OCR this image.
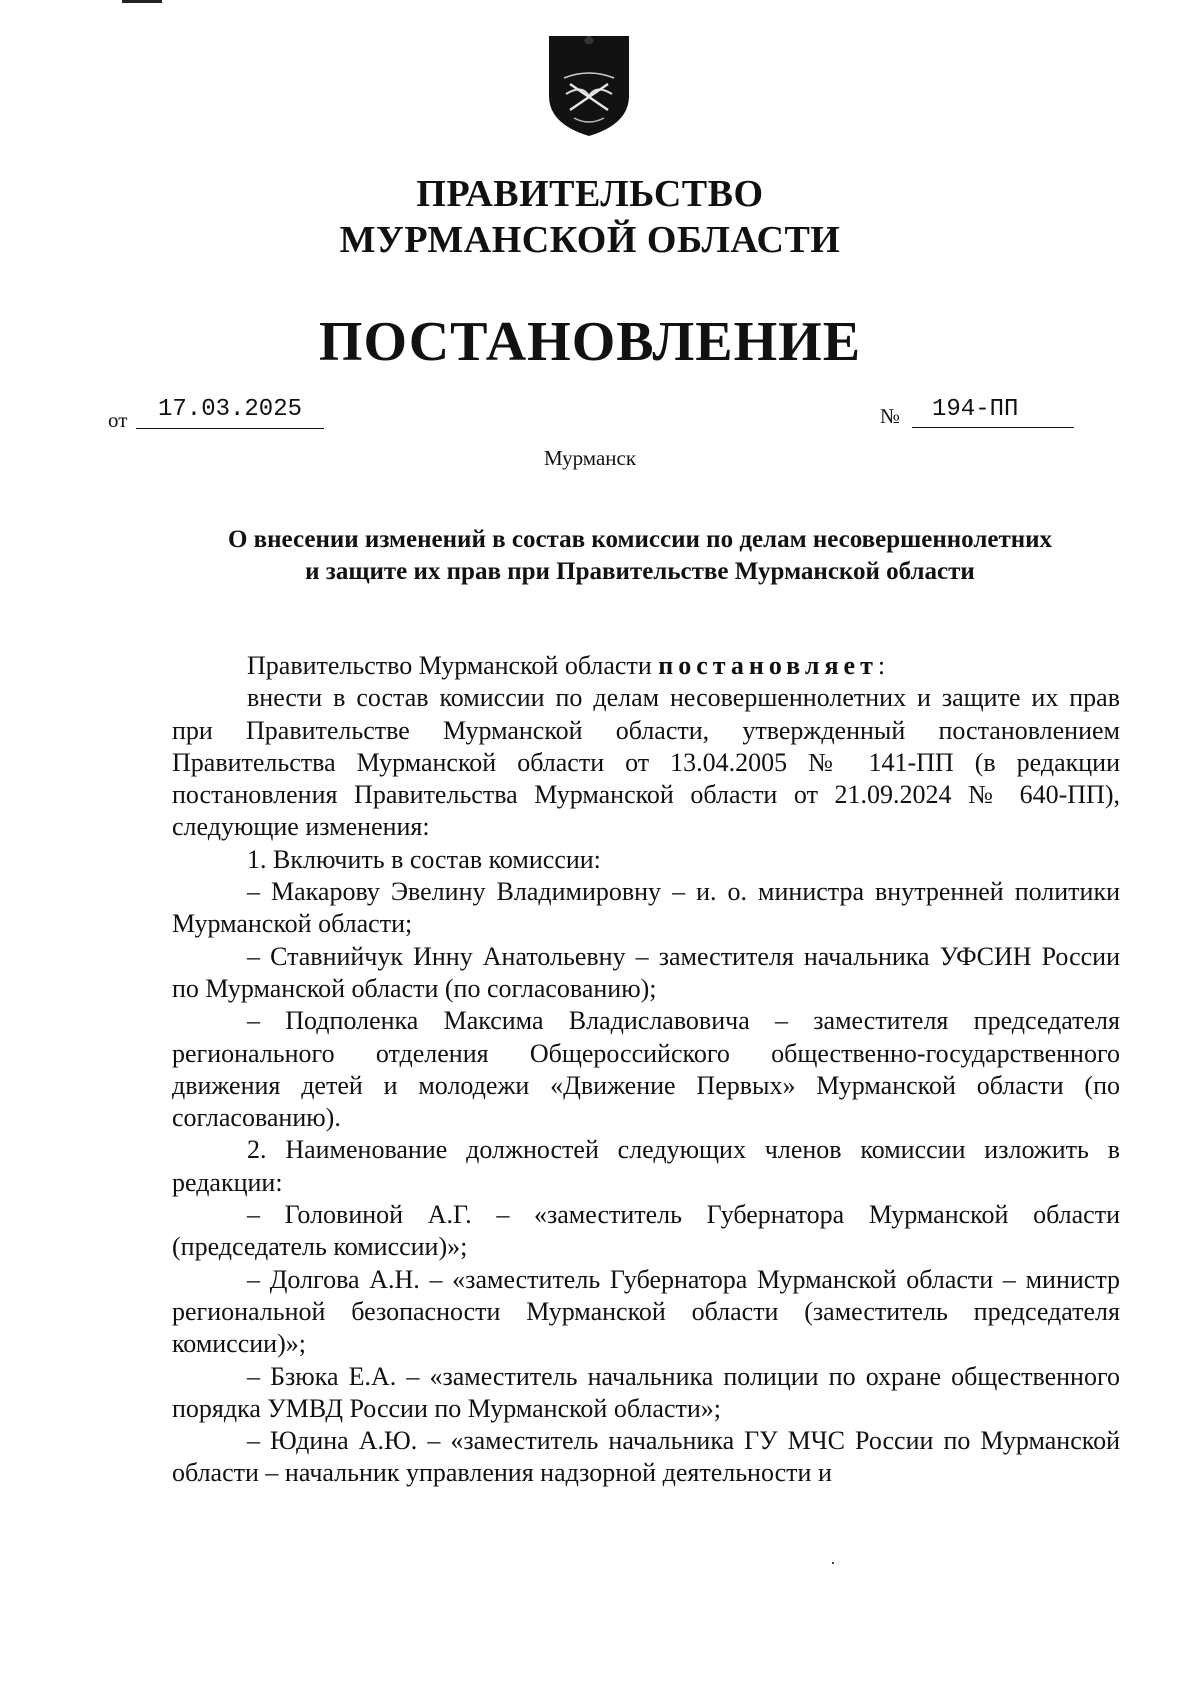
ПРАВИТЕЛЬСТВО
МУРМАНСКОЙ ОБЛАСТИ
ПОСТАНОВЛЕНИЕ
от	17.03.2025	№	194-ПП
Мурманск
О внесении изменений в состав комиссии по делам несовершеннолетних
и защите их прав при Правительстве Мурманской области

Правительство Мурманской области постановляет:

внести в состав комиссии по делам несовершеннолетних и защите их прав при Правительстве Мурманской области, утвержденный постановлением Правительства Мурманской области от 13.04.2005 № 141-ПП (в редакции постановления Правительства Мурманской области от 21.09.2024 № 640-ПП), следующие изменения:

1. Включить в состав комиссии:

– Макарову Эвелину Владимировну – и. о. министра внутренней политики Мурманской области;

– Ставнийчук Инну Анатольевну – заместителя начальника УФСИН России по Мурманской области (по согласованию);

– Подполенка Максима Владиславовича – заместителя председателя регионального отделения Общероссийского общественно-государственного движения детей и молодежи «Движение Первых» Мурманской области (по согласованию).

2. Наименование должностей следующих членов комиссии изложить в редакции:

– Головиной А.Г. – «заместитель Губернатора Мурманской области (председатель комиссии)»;

– Долгова А.Н. – «заместитель Губернатора Мурманской области – министр региональной безопасности Мурманской области (заместитель председателя комиссии)»;

– Бзюка Е.А. – «заместитель начальника полиции по охране общественного порядка УМВД России по Мурманской области»;

– Юдина А.Ю. – «заместитель начальника ГУ МЧС России по Мурманской области – начальник управления надзорной деятельности и
